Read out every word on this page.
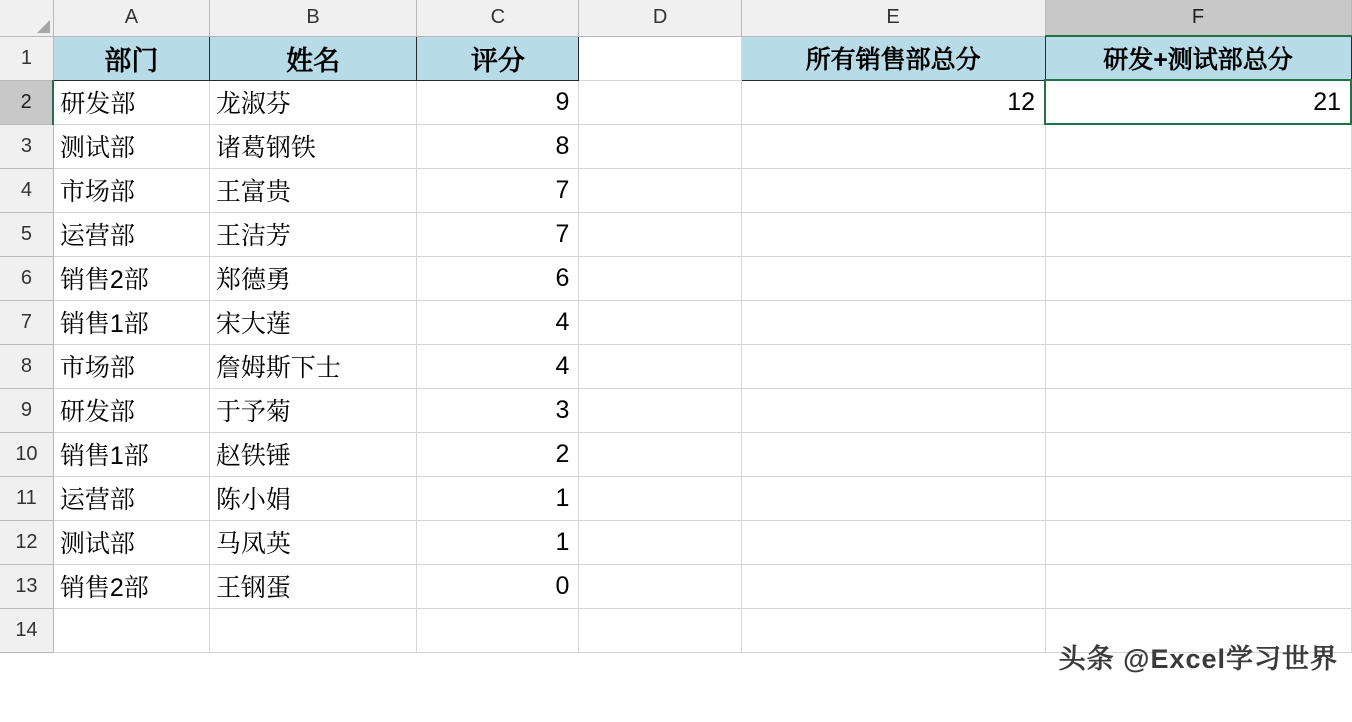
	A	B	C	D	E	F
1	部门	姓名	评分		所有销售部总分	研发+测试部总分
2	研发部	龙淑芬	9		12	21
3	测试部	诸葛钢铁	8			
4	市场部	王富贵	7			
5	运营部	王洁芳	7			
6	销售2部	郑德勇	6			
7	销售1部	宋大莲	4			
8	市场部	詹姆斯下士	4			
9	研发部	于予菊	3			
10	销售1部	赵铁锤	2			
11	运营部	陈小娟	1			
12	测试部	马凤英	1			
13	销售2部	王钢蛋	0			
14						
头条 @Excel学习世界
